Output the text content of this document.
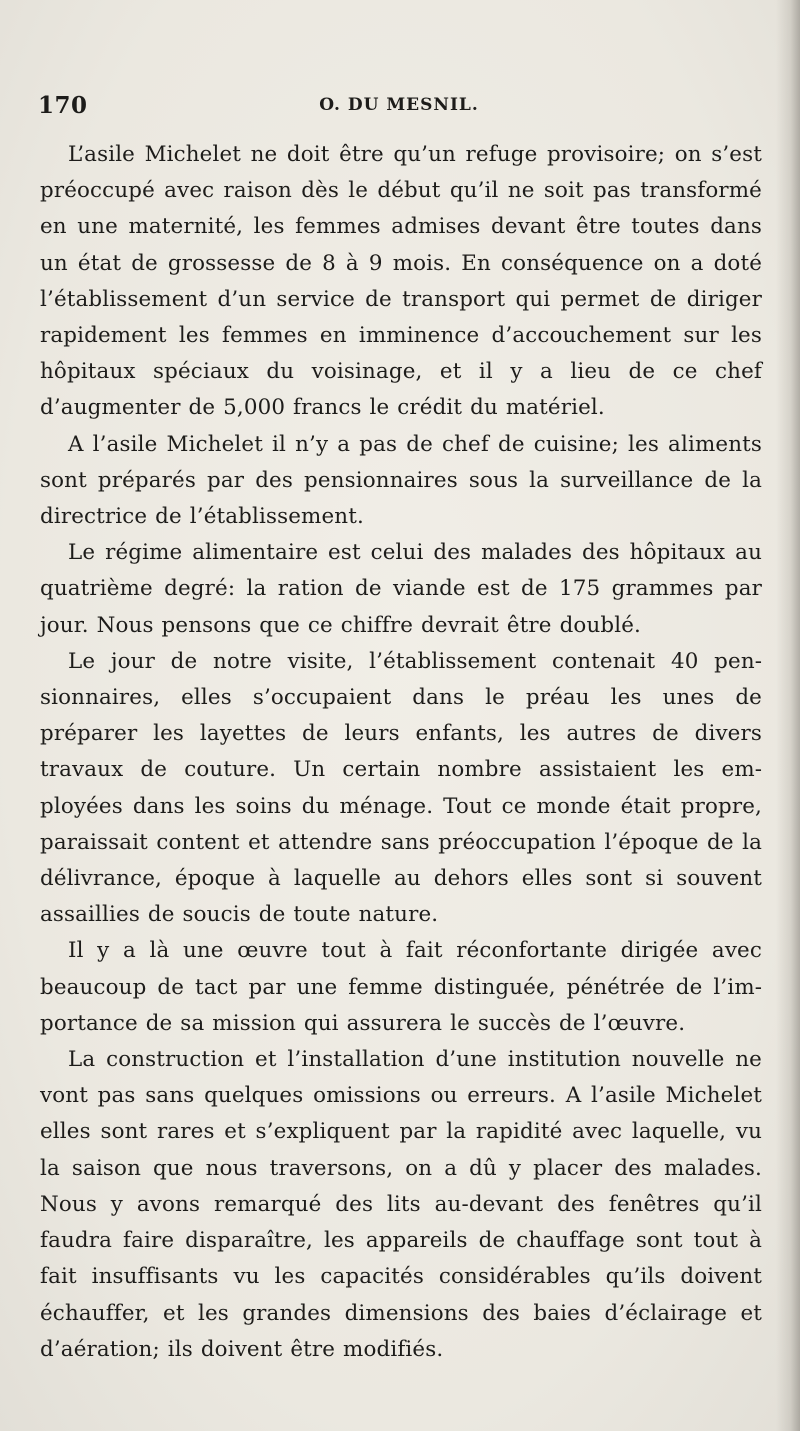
170	O. DU MESNIL.

L’asile Michelet ne doit être qu’un refuge provisoire; on s’est préoccupé avec raison dès le début qu’il ne soit pas transformé en une maternité, les femmes admises devant être toutes dans un état de grossesse de 8 à 9 mois. En conséquence on a doté l’établissement d’un service de transport qui permet de diriger rapidement les femmes en imminence d’accouchement sur les hôpitaux spéciaux du voisinage, et il y a lieu de ce chef d’augmenter de 5,000 francs le crédit du matériel.

A l’asile Michelet il n’y a pas de chef de cuisine; les aliments sont préparés par des pensionnaires sous la surveillance de la directrice de l’établissement.

Le régime alimentaire est celui des malades des hôpitaux au quatrième degré: la ration de viande est de 175 grammes par jour. Nous pensons que ce chiffre devrait être doublé.

Le jour de notre visite, l’établissement contenait 40 pensionnaires, elles s’occupaient dans le préau les unes de préparer les layettes de leurs enfants, les autres de divers travaux de couture. Un certain nombre assistaient les employées dans les soins du ménage. Tout ce monde était propre, paraissait content et attendre sans préoccupation l’époque de la délivrance, époque à laquelle au dehors elles sont si souvent assaillies de soucis de toute nature.

Il y a là une œuvre tout à fait réconfortante dirigée avec beaucoup de tact par une femme distinguée, pénétrée de l’importance de sa mission qui assurera le succès de l’œuvre.

La construction et l’installation d’une institution nouvelle ne vont pas sans quelques omissions ou erreurs. A l’asile Michelet elles sont rares et s’expliquent par la rapidité avec laquelle, vu la saison que nous traversons, on a dû y placer des malades. Nous y avons remarqué des lits au-devant des fenêtres qu’il faudra faire disparaître, les appareils de chauffage sont tout à fait insuffisants vu les capacités considérables qu’ils doivent échauffer, et les grandes dimensions des baies d’éclairage et d’aération; ils doivent être modifiés.
